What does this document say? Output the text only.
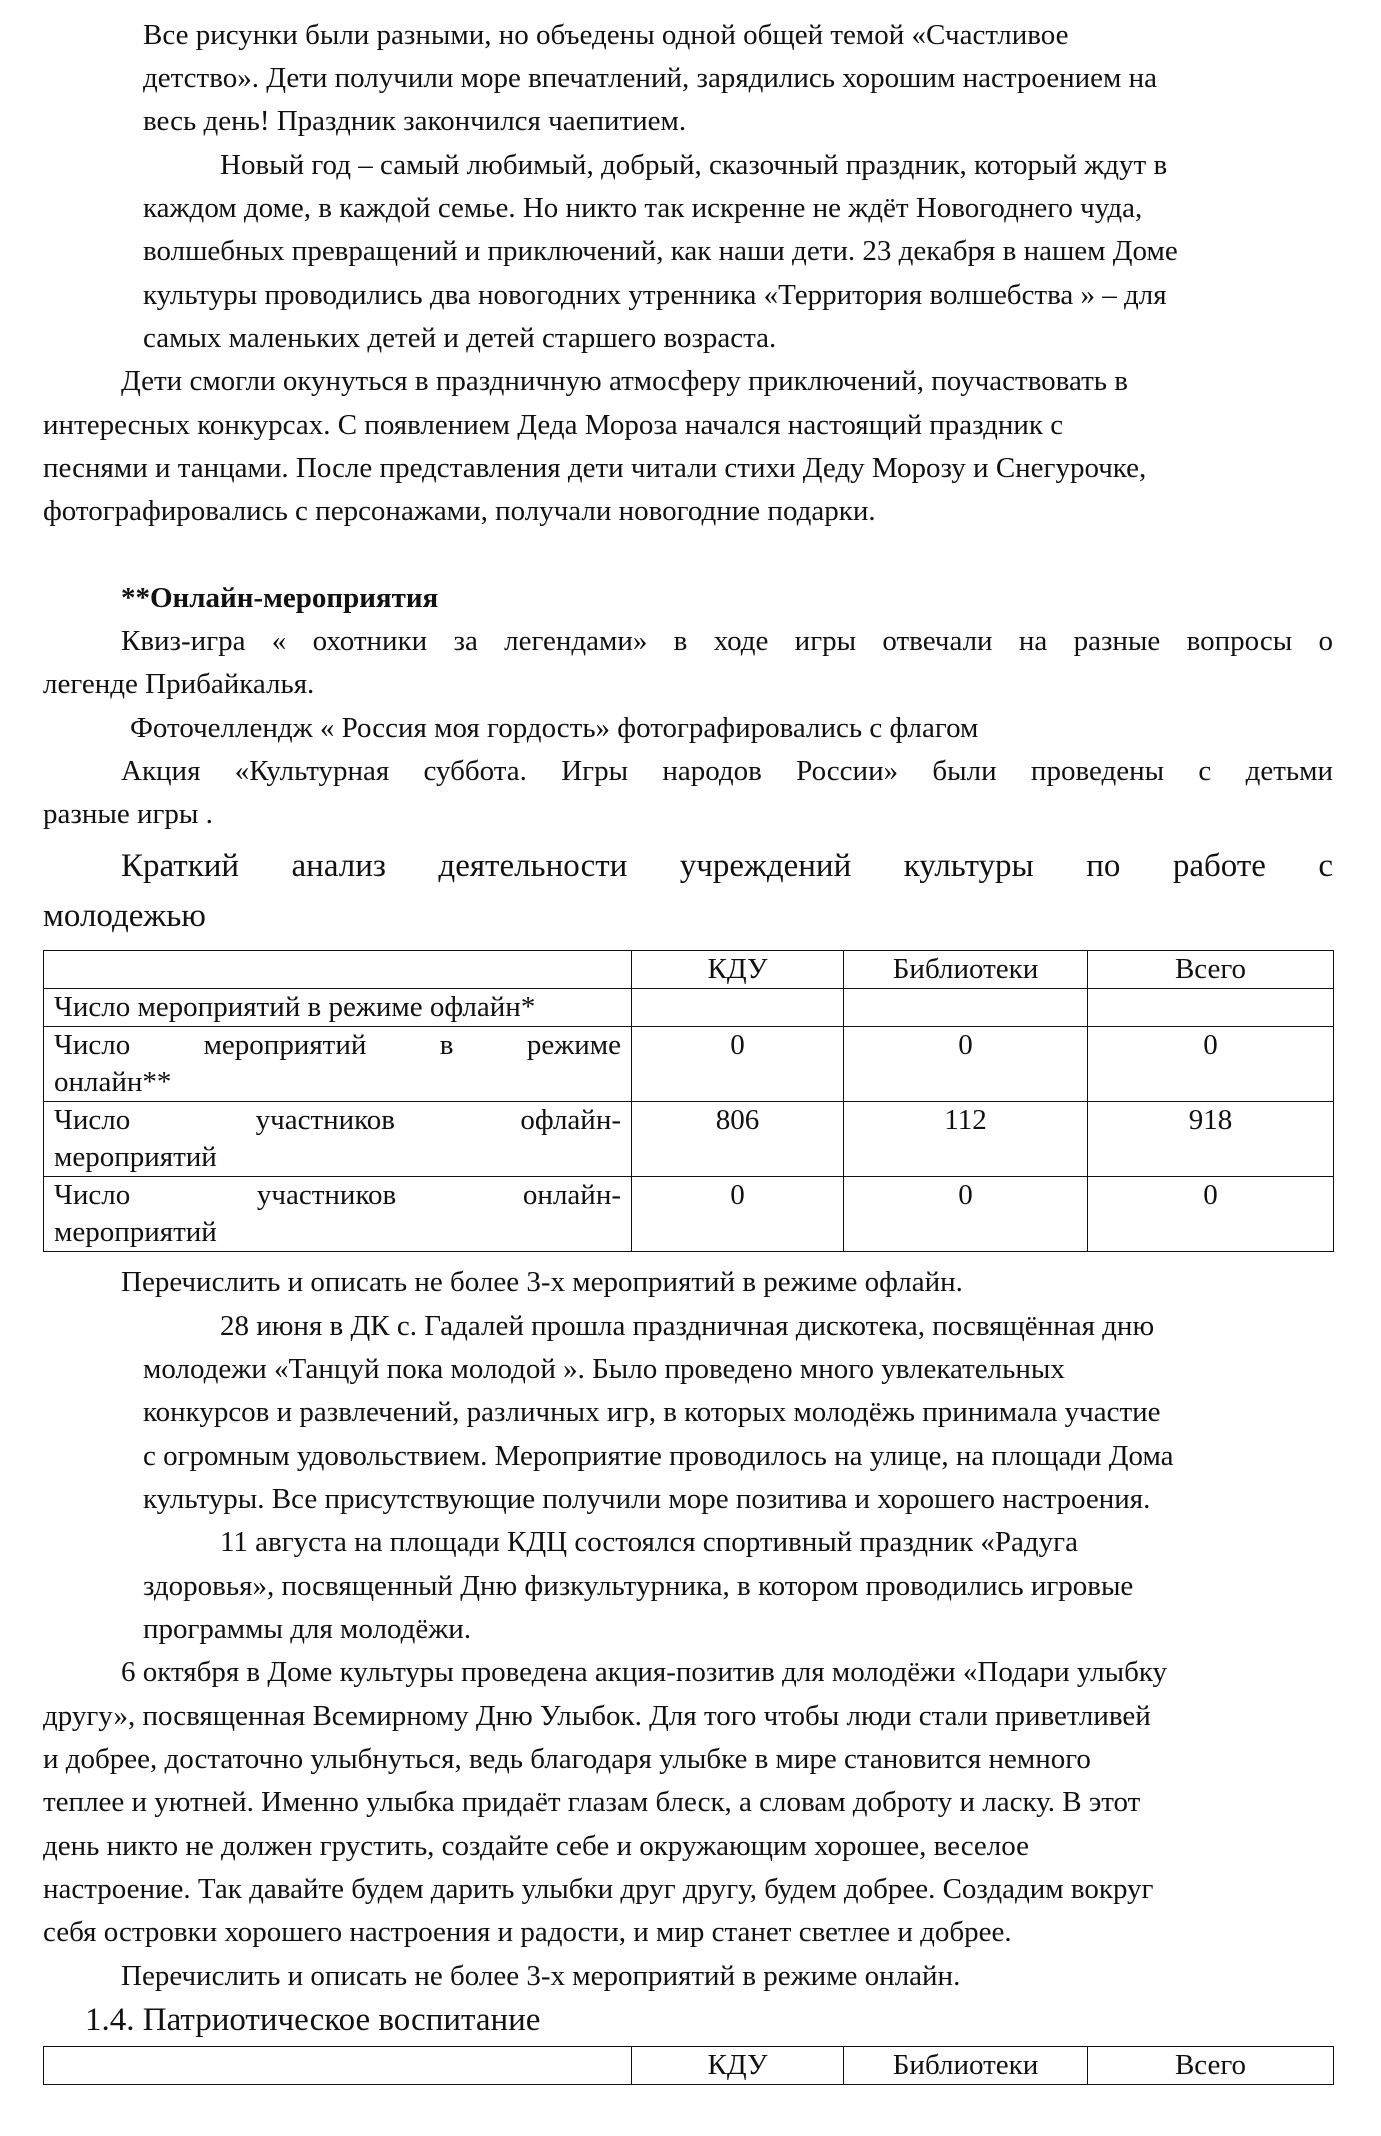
Все рисунки были разными, но объедены одной общей темой «Счастливое

детство». Дети получили море впечатлений, зарядились хорошим настроением на

весь день! Праздник закончился чаепитием.

Новый год – самый любимый, добрый, сказочный праздник, который ждут в

каждом доме, в каждой семье. Но никто так искренне не ждёт Новогоднего чуда,

волшебных превращений и приключений, как наши дети. 23 декабря в нашем Доме

культуры проводились два новогодних утренника «Территория волшебства » – для

самых маленьких детей и детей старшего возраста.

Дети смогли окунуться в праздничную атмосферу приключений, поучаствовать в

интересных конкурсах. С появлением Деда Мороза начался настоящий праздник с

песнями и танцами. После представления дети читали стихи Деду Морозу и Снегурочке,

фотографировались с персонажами, получали новогодние подарки.

**Онлайн-мероприятия

Квиз-игра « охотники за легендами» в ходе игры отвечали на разные вопросы о

легенде Прибайкалья.

Фоточеллендж « Россия моя гордость» фотографировались с флагом

Акция «Культурная суббота. Игры народов России» были проведены с детьми

разные игры .

Краткий анализ деятельности учреждений культуры по работе с

молодежью

	КДУ	Библиотеки	Всего

Число мероприятий в режиме офлайн*			

Число мероприятий в режиме
онлайн**	0	0	0

Число участников офлайн-
мероприятий	806	112	918

Число участников онлайн-
мероприятий	0	0	0

Перечислить и описать не более 3-х мероприятий в режиме офлайн.

28 июня в ДК с. Гадалей прошла праздничная дискотека, посвящённая дню

молодежи «Танцуй пока молодой ». Было проведено много увлекательных

конкурсов и развлечений, различных игр, в которых молодёжь принимала участие

с огромным удовольствием. Мероприятие проводилось на улице, на площади Дома

культуры. Все присутствующие получили море позитива и хорошего настроения.

11 августа на площади КДЦ состоялся спортивный праздник «Радуга

здоровья», посвященный Дню физкультурника, в котором проводились игровые

программы для молодёжи.

6 октября в Доме культуры проведена акция-позитив для молодёжи «Подари улыбку

другу», посвященная Всемирному Дню Улыбок. Для того чтобы люди стали приветливей

и добрее, достаточно улыбнуться, ведь благодаря улыбке в мире становится немного

теплее и уютней. Именно улыбка придаёт глазам блеск, а словам доброту и ласку. В этот

день никто не должен грустить, создайте себе и окружающим хорошее, веселое

настроение. Так давайте будем дарить улыбки друг другу, будем добрее. Создадим вокруг

себя островки хорошего настроения и радости, и мир станет светлее и добрее.

Перечислить и описать не более 3-х мероприятий в режиме онлайн.

1.4. Патриотическое воспитание

	КДУ	Библиотеки	Всего
